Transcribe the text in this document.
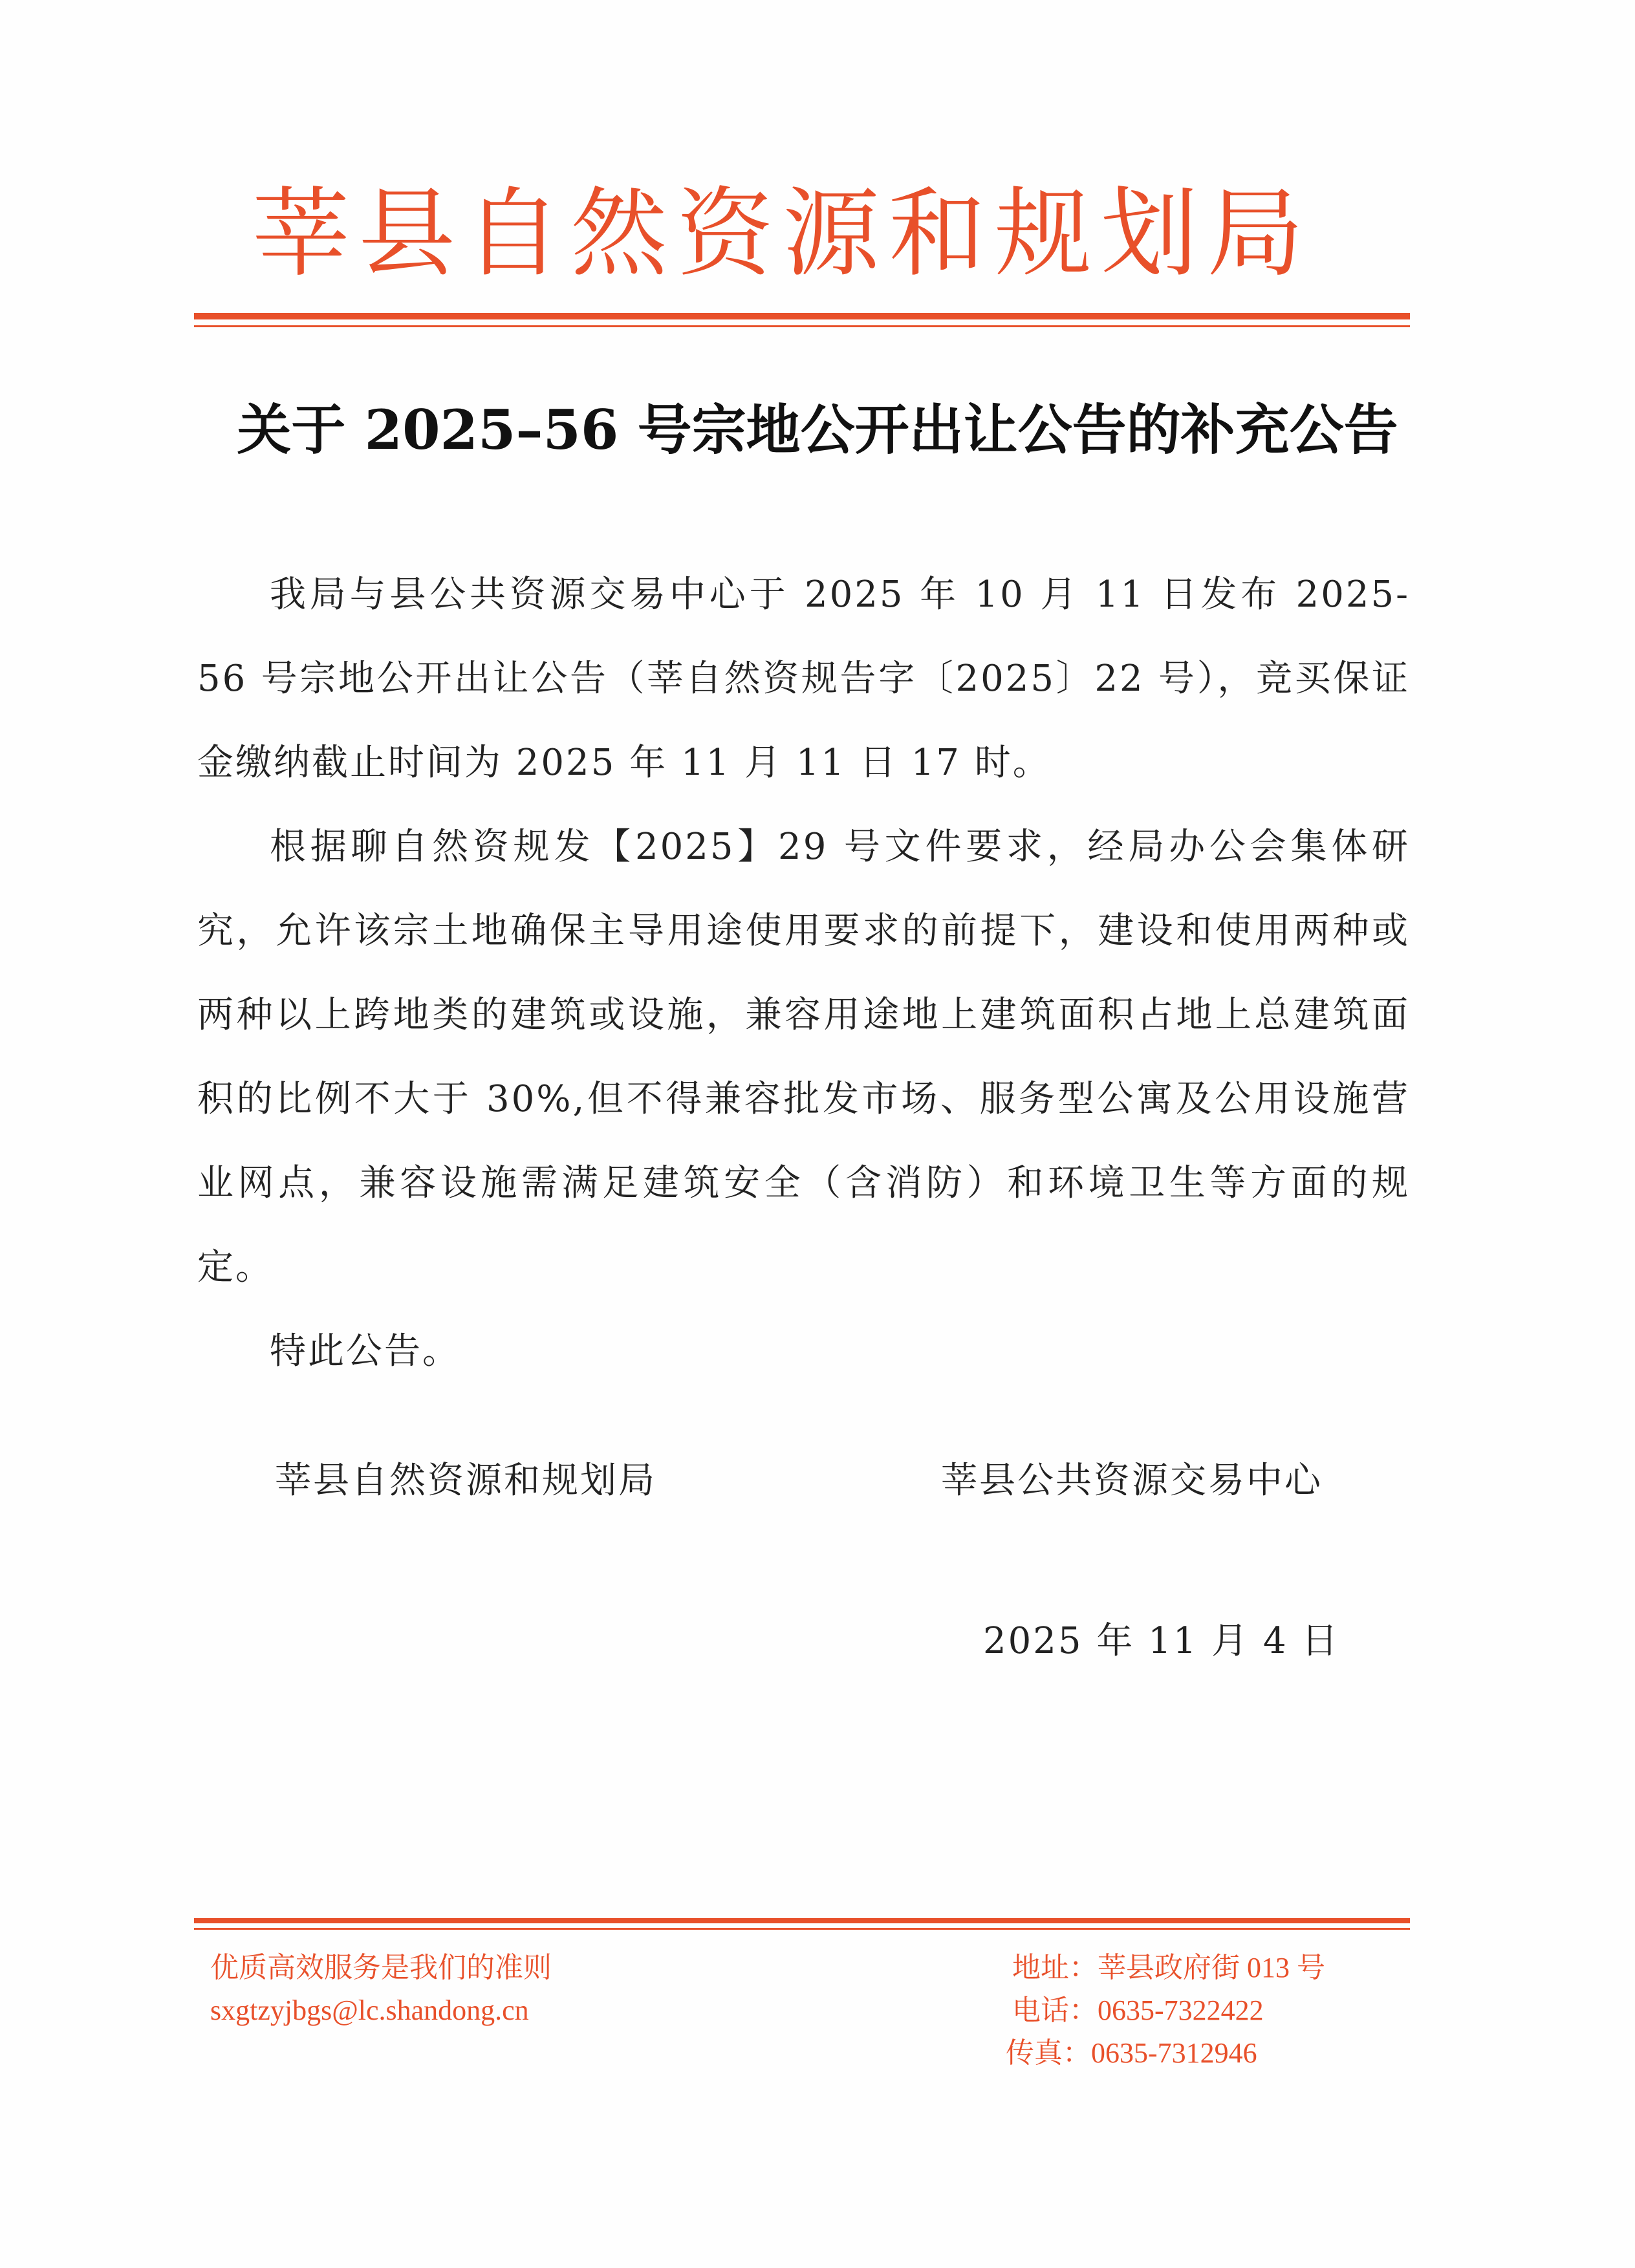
莘县自然资源和规划局
关于 2025–56 号宗地公开出让公告的补充公告

我局与县公共资源交易中心于 2025 年 10 月 11 日发布 2025-56 号宗地公开出让公告（莘自然资规告字〔2025〕22 号），竞买保证金缴纳截止时间为 2025 年 11 月 11 日 17 时。

根据聊自然资规发【2025】29 号文件要求，经局办公会集体研究，允许该宗土地确保主导用途使用要求的前提下，建设和使用两种或两种以上跨地类的建筑或设施，兼容用途地上建筑面积占地上总建筑面积的比例不大于 30%,但不得兼容批发市场、服务型公寓及公用设施营业网点，兼容设施需满足建筑安全（含消防）和环境卫生等方面的规定。

特此公告。

莘县自然资源和规划局	莘县公共资源交易中心
2025 年 11 月 4 日
优质高效服务是我们的准则
sxgtzyjbgs@lc.shandong.cn
地址：莘县政府街 013 号
电话：0635-7322422
传真：0635-7312946
